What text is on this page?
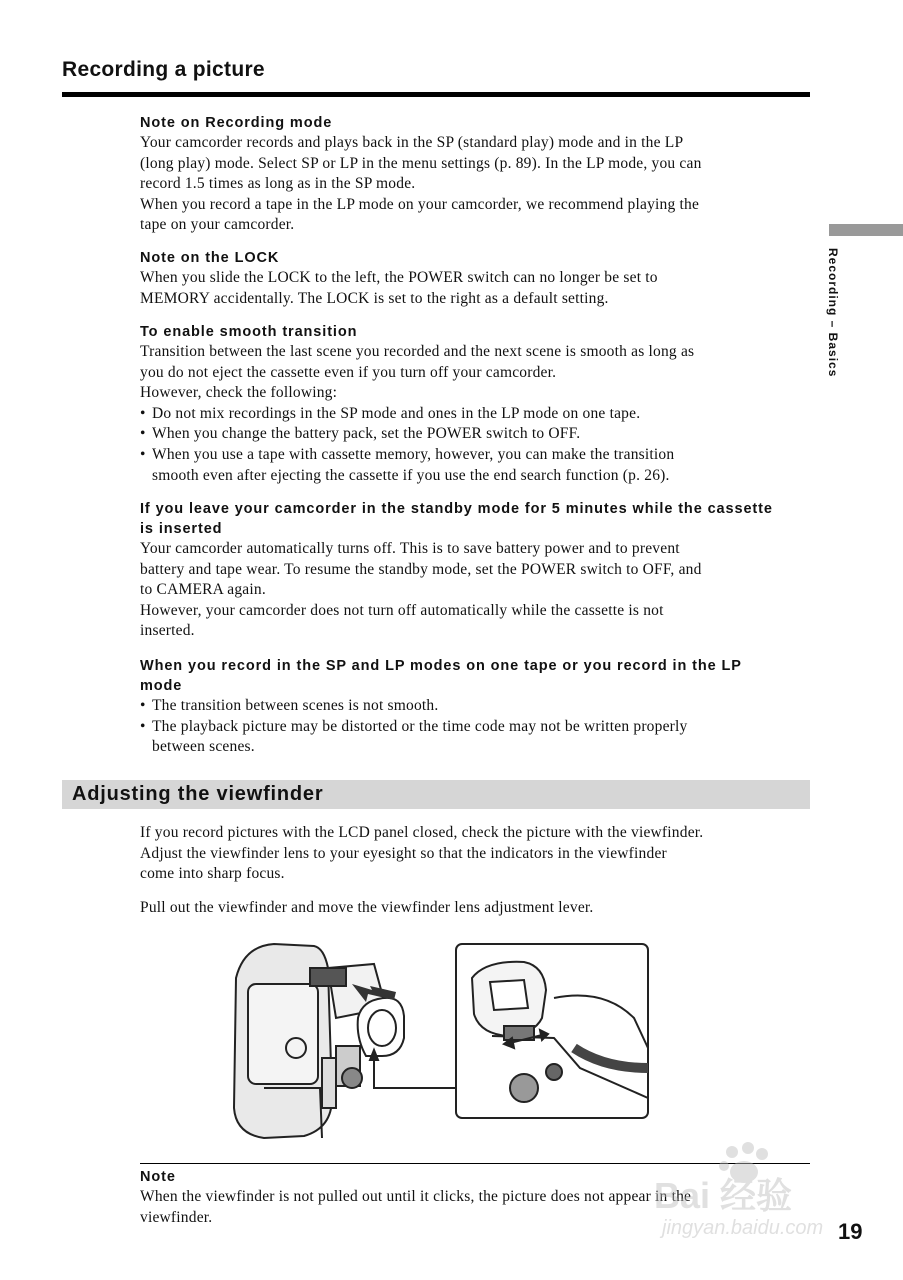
Recording a picture
Recording – Basics
Note on Recording mode
Your camcorder records and plays back in the SP (standard play) mode and in the LP
(long play) mode. Select SP or LP in the menu settings (p. 89). In the LP mode, you can
record 1.5 times as long as in the SP mode.
When you record a tape in the LP mode on your camcorder, we recommend playing the
tape on your camcorder.
Note on the LOCK
When you slide the LOCK to the left, the POWER switch can no longer be set to
MEMORY accidentally. The LOCK is set to the right as a default setting.
To enable smooth transition
Transition between the last scene you recorded and the next scene is smooth as long as
you do not eject the cassette even if you turn off your camcorder.
However, check the following:
• Do not mix recordings in the SP mode and ones in the LP mode on one tape.
• When you change the battery pack, set the POWER switch to OFF.
• When you use a tape with cassette memory, however, you can make the transition
smooth even after ejecting the cassette if you use the end search function (p. 26).
If you leave your camcorder in the standby mode for 5 minutes while the cassette
is inserted
Your camcorder automatically turns off. This is to save battery power and to prevent
battery and tape wear. To resume the standby mode, set the POWER switch to OFF, and
to CAMERA again.
However, your camcorder does not turn off automatically while the cassette is not
inserted.
When you record in the SP and LP modes on one tape or you record in the LP
mode
• The transition between scenes is not smooth.
• The playback picture may be distorted or the time code may not be written properly
between scenes.
Adjusting the viewfinder
If you record pictures with the LCD panel closed, check the picture with the viewfinder.
Adjust the viewfinder lens to your eyesight so that the indicators in the viewfinder
come into sharp focus.
Pull out the viewfinder and move the viewfinder lens adjustment lever.
Note
When the viewfinder is not pulled out until it clicks, the picture does not appear in the
viewfinder.
Bai 经验
jingyan.baidu.com 19
